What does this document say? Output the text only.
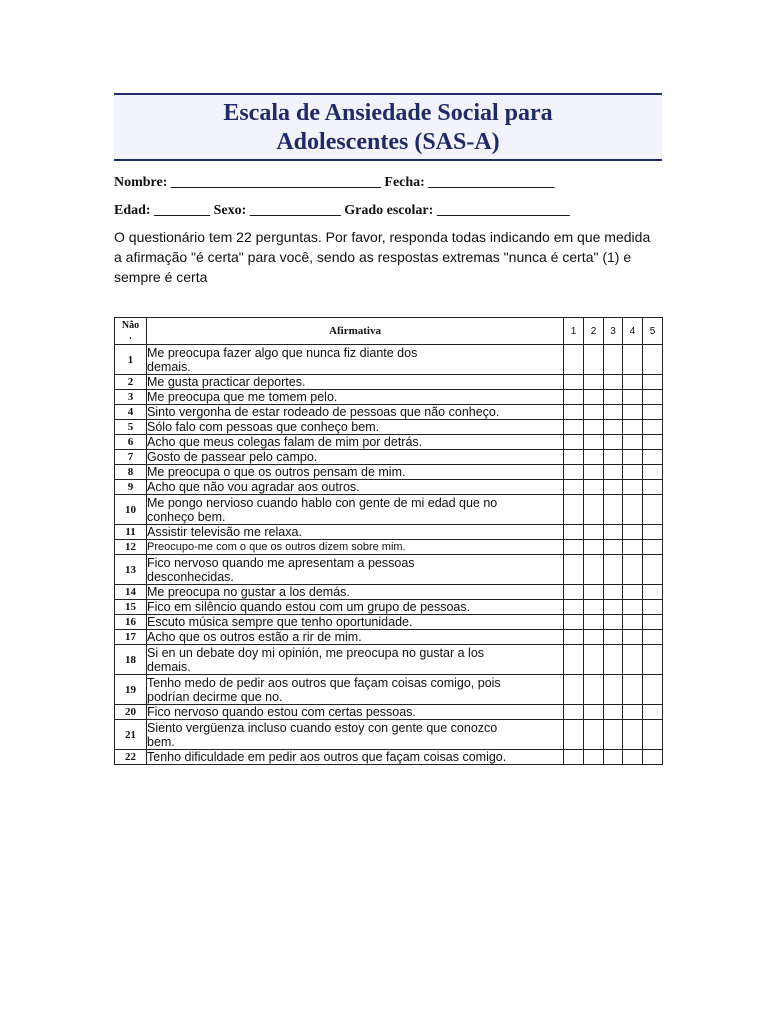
Escala de Ansiedade Social para
Adolescentes (SAS-A)
Nombre: ______________________________ Fecha: __________________
Edad: ________ Sexo: _____________ Grado escolar: ___________________
O questionário tem 22 perguntas. Por favor, responda todas indicando em que medida
a afirmação "é certa" para você, sendo as respostas extremas "nunca é certa" (1) e
sempre é certa
Não
.	Afirmativa	1	2	3	4	5
1	Me preocupa fazer algo que nunca fiz diante dos
demais.					

2	Me gusta practicar deportes.					

3	Me preocupa que me tomem pelo.					

4	Sinto vergonha de estar rodeado de pessoas que não conheço.					

5	Sólo falo com pessoas que conheço bem.					

6	Acho que meus colegas falam de mim por detrás.					

7	Gosto de passear pelo campo.					

8	Me preocupa o que os outros pensam de mim.					

9	Acho que não vou agradar aos outros.					

10	Me pongo nervioso cuando hablo con gente de mi edad que no
conheço bem.					

11	Assistir televisão me relaxa.					

12	Preocupo-me com o que os outros dizem sobre mim.					

13	Fico nervoso quando me apresentam a pessoas
desconhecidas.					

14	Me preocupa no gustar a los demás.					

15	Fico em silêncio quando estou com um grupo de pessoas.					

16	Escuto música sempre que tenho oportunidade.					

17	Acho que os outros estão a rir de mim.					

18	Si en un debate doy mi opinión, me preocupa no gustar a los
demais.					

19	Tenho medo de pedir aos outros que façam coisas comigo, pois
podrían decirme que no.					

20	Fico nervoso quando estou com certas pessoas.					

21	Siento vergüenza incluso cuando estoy con gente que conozco
bem.					

22	Tenho dificuldade em pedir aos outros que façam coisas comigo.					
